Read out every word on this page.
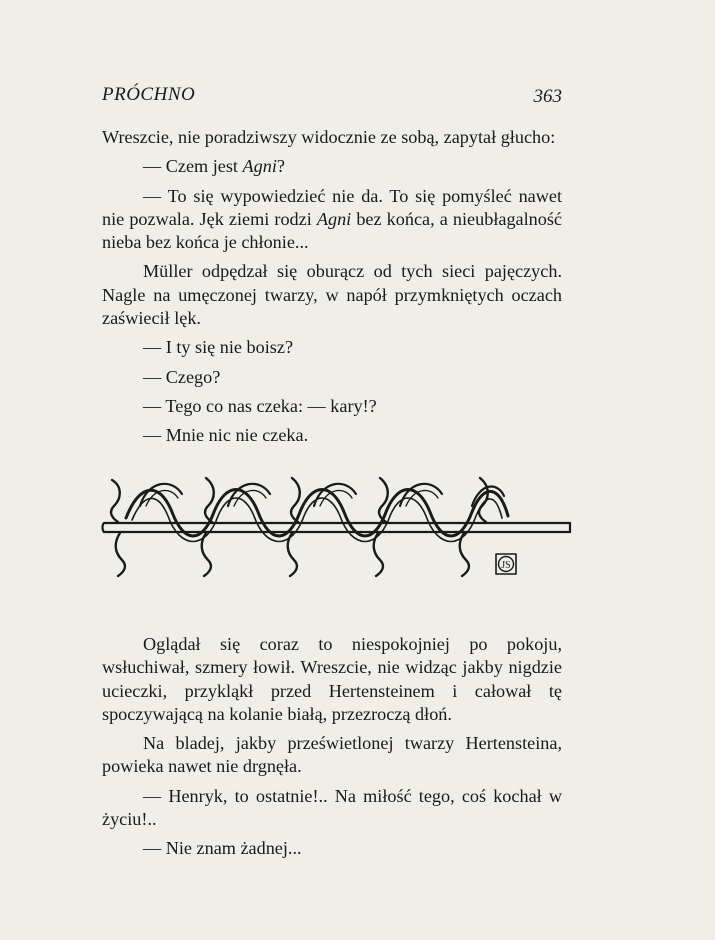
PRÓCHNO	363

Wreszcie, nie poradziwszy widocznie ze sobą, zapytał głucho:

— Czem jest Agni?

— To się wypowiedzieć nie da. To się pomyśleć nawet nie pozwala. Jęk ziemi rodzi Agni bez końca, a nieubłagalność nieba bez końca je chłonie...

Müller odpędzał się oburącz od tych sieci pajęczych. Nagle na umęczonej twarzy, w napół przymkniętych oczach zaświecił lęk.

— I ty się nie boisz?

— Czego?

— Tego co nas czeka: — kary!?

— Mnie nic nie czeka.

JS

Oglądał się coraz to niespokojniej po pokoju, wsłuchiwał, szmery łowił. Wreszcie, nie widząc jakby nigdzie ucieczki, przykląkł przed Hertensteinem i całował tę spoczywającą na kolanie białą, przezroczą dłoń.

Na bladej, jakby prześwietlonej twarzy Hertensteina, powieka nawet nie drgnęła.

— Henryk, to ostatnie!.. Na miłość tego, coś kochał w życiu!..

— Nie znam żadnej...
